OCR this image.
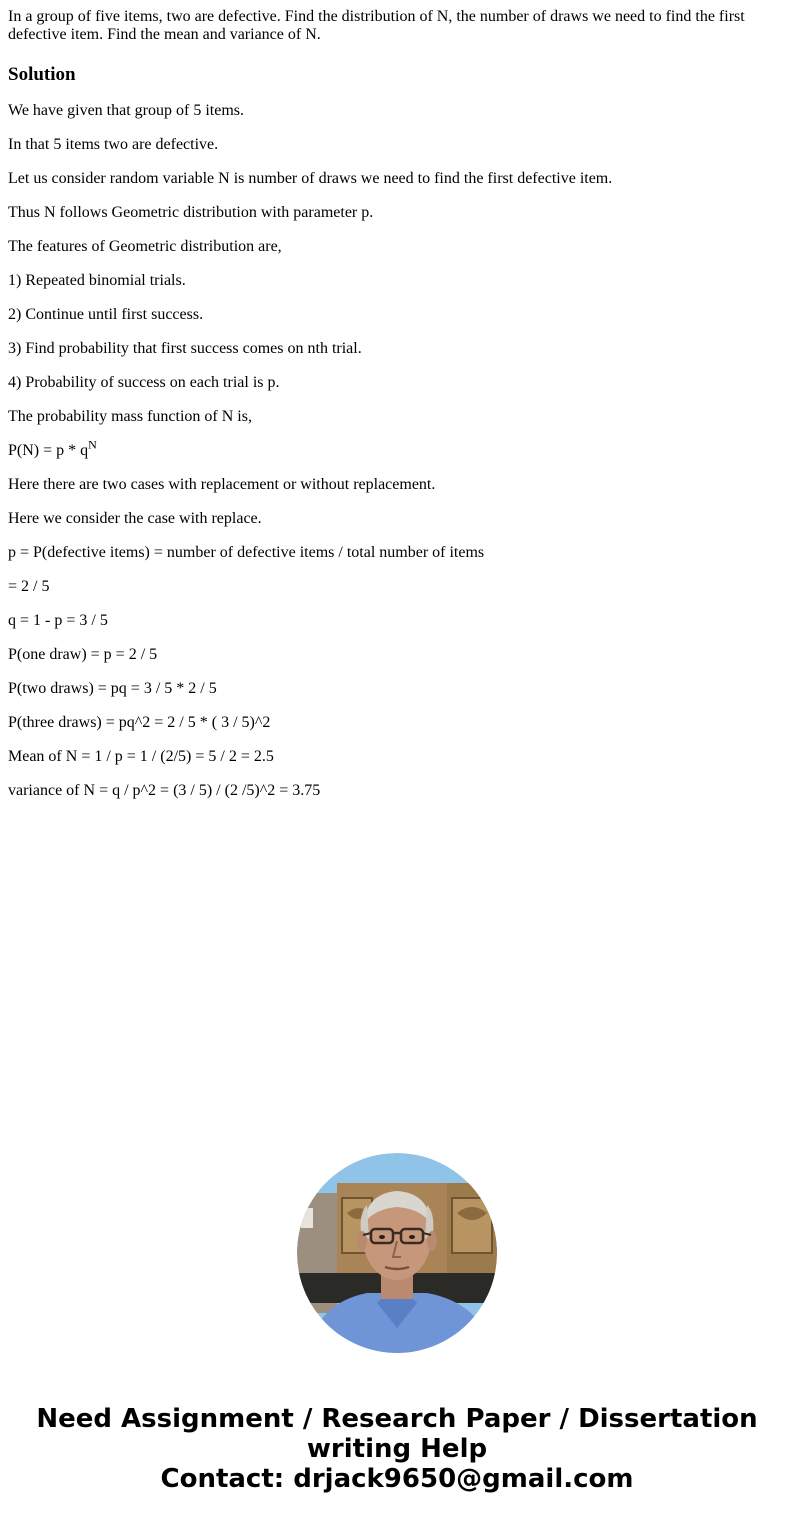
In a group of five items, two are defective. Find the distribution of N, the number of draws we need to find the first defective item. Find the mean and variance of N.

Solution

We have given that group of 5 items.

In that 5 items two are defective.

Let us consider random variable N is number of draws we need to find the first defective item.

Thus N follows Geometric distribution with parameter p.

The features of Geometric distribution are,

1) Repeated binomial trials.

2) Continue until first success.

3) Find probability that first success comes on nth trial.

4) Probability of success on each trial is p.

The probability mass function of N is,

$P(N) = p * q^N$

Here there are two cases with replacement or without replacement.

Here we consider the case with replace.

p = P(defective items) = number of defective items / total number of items

= 2 / 5

q = 1 - p = 3 / 5

P(one draw) = p = 2 / 5

P(two draws) = pq = 3 / 5 * 2 / 5

P(three draws) = pq^2 = 2 / 5 * ( 3 / 5)^2

Mean of N = 1 / p = 1 / (2/5) = 5 / 2 = 2.5

variance of N = q / p^2 = (3 / 5) / (2 /5)^2 = 3.75

Need Assignment / Research Paper / Dissertation
writing Help
Contact: drjack9650@gmail.com
